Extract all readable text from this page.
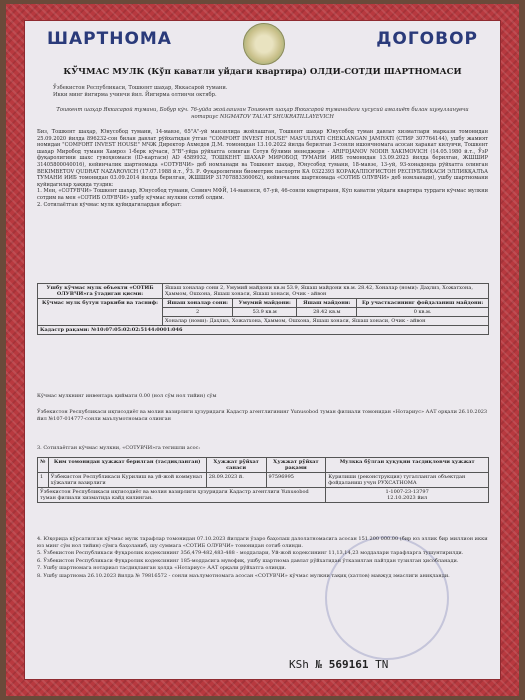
ШАРТНОМА	ДОГОВОР
КЎЧМАС МУЛК (Кўп каватли уйдаги квартира) ОЛДИ-СОТДИ ШАРТНОМАСИ

Ўзбекистон Республикаси, Тошкент шаҳар, Яккасарой тумани.

Икки минг йигирма учинчи йил. Йигирма олтинчи октябр.

Тошкент шаҳар Яккасарой тумани, Бобур кўч. 76-уйда жойлашган Тошкент шаҳар Яккасарой туманидаги хусусий амалиёт билан шуғулланувчи нотариус NIGMATOV TAL'AT SHUKRATILLAYEVICH

Биз, Тошкент шаҳар, Юнусобод тумани, 14-мавзе, 65"А"-уй манзилида жойлашган, Тошкент шаҳар Юнусобод туман давлат хизматлари маркази томонидан 25.09.2020 йилда 896232-сон билан давлат рўйхатидан ўтган "COMFORT INVEST HOUSE" MAS'ULIYATI CHEKLANGAN JAMIYATI (СТИР 307764144), ушбу жамият номидан "COMFORT INVEST HOUSE" МЧЖ Директор Ахмедов Д.М. томонидан 13.10.2022 йилда берилган 3-сонли ишончномага асосан харакат килувчи, Тошкент шаҳар Миробод тумани Хамроз 1-берк кўчаси, 5"В"-уйда рўйхатга олинган Сотув бўлими менеджери - ARIFDJANOV NODIR XAKIMOVICH (14.05.1980 й.т., ЎзР фуқаролигини шахс гувоҳномаси (ID-картаси) AD 4589932, ТОШКЕНТ ШАХАР МИРОБОД ТУМАНИ ИИБ томонидан 13.09.2023 йилда берилган, ЖШШИР 31405800040016), кейинчалик шартномада «СОТУВЧИ» деб номланади ва Тошкент шаҳар, Юнусобод тумани, 18-мавзе, 13-уй, 93-хонадонда рўйхатга олинган BEKIMBETOV QUDRAT NAZAROVICH (17.07.1988 й.т., ЎЗ. Р. Фуқаролигини биометрик паспорти КА 0322393 КОРАҚАЛПОҒИСТОН РЕСПУБЛИКАСИ ЭЛЛИКҚАЛЪА ТУМАНИ ИИБ томонидан 03.09.2014 йилда берилган, ЖШШИР 31707883360062), кейинчалик шартномада «СОТИБ ОЛУВЧИ» деб номланади), ушбу шартномани қуйидагилар ҳақида туздик:

1. Мен, «СОТУВЧИ» Тошкент шаҳар, Юнусобод тумани, Севинч МФЙ, 14-мавзеси, 67-уй, 46-сонли квартирани, Кўп каватли уйдаги квартира турдаги кўчмас мулкни сотдим ва мен «СОТИБ ОЛУВЧИ» ушбу кўчмас мулкни сотиб олдим.

2. Сотилаётган кўчмас мулк қуйидагилардан иборат:

Ушбу кўчмас мулк объекти «СОТИБ ОЛУВЧИ»га ўтадиган қисми:	Яшаш хоналар сони 2, Умумий майдони кв.м 53.9, Яшаш майдони кв.м. 28.42, Хоналар (номи): Даҳлиз, Хожатхона, Ҳаммом, Ошхона, Яшаш хонаси, Яшаш хонаси, Очик - айвон			
Кўчмас мулк бутун таркиби ва тасниф:	Яшаш хоналар сони:	Умумий майдони:	Яшаш майдони:	Ер участкасининг фойдаланиш майдони:
	2	53.9 кв.м	28.42 кв.м	0 кв.м.
	Хоналар (номи): Даҳлиз, Хожатхона, Ҳаммом, Ошхона, Яшаш хонаси, Яшаш хонаси, Очик - айвон			
Кадастр рақами: №10:07:05:02:02:5144:0001:046				
Кўчмас мулкнинг инвентарь қиймати 0.00 (нол сўм нол тийин) сўм
Ўзбекистон Республикаси иқтисодиёт ва молия вазирлиги ҳузуридаги Кадастр агентлигининг Yunusobod туман филиали томонидан «Нотариус» ААТ орқали 26.10.2023 йил №107-014777-сонли маълумотномаси олинган
3. Сотилаётган кўчмас мулкни, «СОТУВЧИ»га тегишли асос:
№	Ким томонидан ҳужжат берилган (тасдиқланган)	Ҳужжат рўйхат санаси	Ҳужжат рўйхат рақами	Мулкка бўлган ҳуқуқни тасдиқловчи ҳужжат
1	Ўзбекистон Республикаси Курилиш ва уй-жой коммунал хўжалиги вазирлиги	28.09.2023 й.	97596995	Курилиши (реконструкция) тугалланган объектдан фойдаланиш учун РУХСАТНОМА
Ўзбекистон Республикаси иқтисодиёт ва молия вазирлиги ҳузуридаги Кадастр агентлиги Yunusobod туман филиали хизматида кайд килинган.				1-1007-23-13797
12.10.2023 йил

4. Юқорида кўрсатилган кўчмас мулк тарафлар томонидан 07.10.2023 йилдаги ўзаро баҳолаш далолатномасига асосан 151 200 000.00 (бир юз эллик бир миллион икки юз минг сўм нол тийин) сўмга баҳоланиб, шу суммага «СОТИБ ОЛУВЧИ» томонидан сотиб олинди.

5. Ўзбекистон Республикаси Фуқаролик кодексининг 356,479-482,483-488 - моддалари, Уй-жой кодексининг 11,13,14,23 моддалари тарафларга тушунтирилди.

6. Ўзбекистон Республикаси Фуқаролик кодексининг 185-моддасига мувофиқ, ушбу шартнома давлат рўйхатидан ўтказилган пайтдан тузилган ҳисобланади.

7. Ушбу шартномага нотариал тасдиқланган ҳолда «Нотариус» ААТ орқали рўйхатга олинди.

8. Ушбу шартнома 26.10.2023 йилда № 79816572 - сонли маълумотномага асосан «СОТУВЧИ» кўчмас мулкни тақиқ (хатлов) мавжуд эмаслиги аниқланди.

KSh № 569161 TN
